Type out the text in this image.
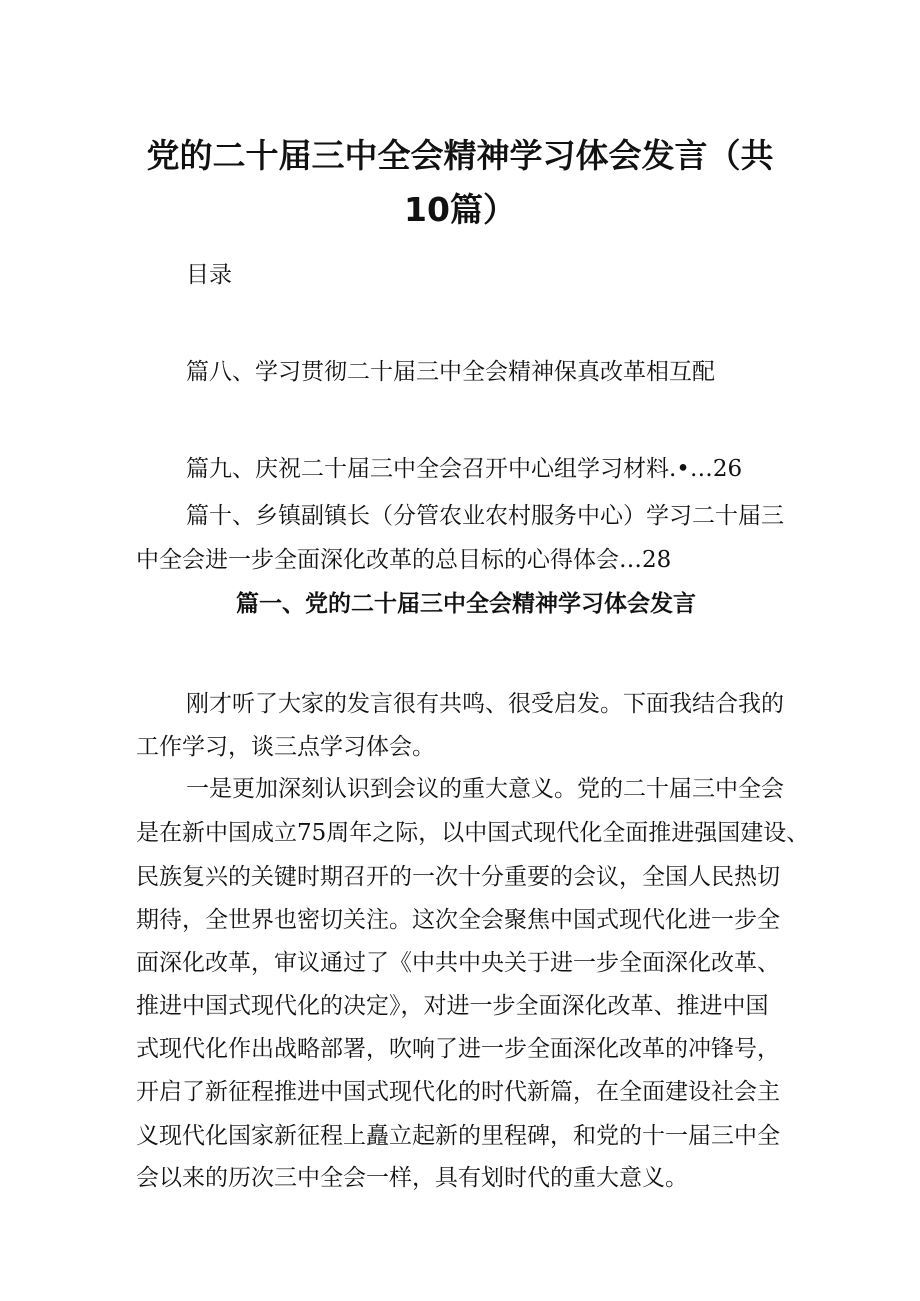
党的二十届三中全会精神学习体会发言（共
10篇）
目录
篇八、学习贯彻二十届三中全会精神保真改革相互配
篇九、庆祝二十届三中全会召开中心组学习材料.•…26
篇十、乡镇副镇长（分管农业农村服务中心）学习二十届三
中全会进一步全面深化改革的总目标的心得体会…28
篇一、党的二十届三中全会精神学习体会发言
刚才听了大家的发言很有共鸣、很受启发。下面我结合我的
工作学习，谈三点学习体会。
一是更加深刻认识到会议的重大意义。党的二十届三中全会
是在新中国成立75周年之际，以中国式现代化全面推进强国建设、
民族复兴的关键时期召开的一次十分重要的会议，全国人民热切
期待，全世界也密切关注。这次全会聚焦中国式现代化进一步全
面深化改革，审议通过了《中共中央关于进一步全面深化改革、
推进中国式现代化的决定》，对进一步全面深化改革、推进中国
式现代化作出战略部署，吹响了进一步全面深化改革的冲锋号，
开启了新征程推进中国式现代化的时代新篇，在全面建设社会主
义现代化国家新征程上矗立起新的里程碑，和党的十一届三中全
会以来的历次三中全会一样，具有划时代的重大意义。
